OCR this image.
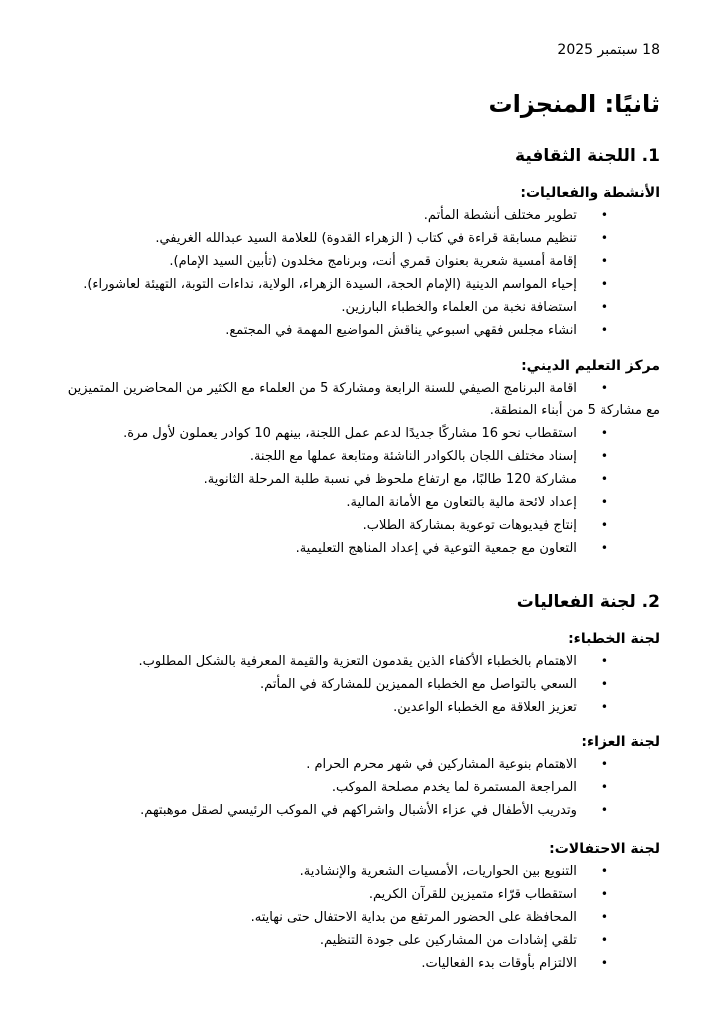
18 سبتمبر 2025
ثانيًا: المنجزات
1. اللجنة الثقافية
الأنشطة والفعاليات:
• تطوير مختلف أنشطة المأتم.
• تنظيم مسابقة قراءة في كتاب ( الزهراء القدوة) للعلامة السيد عبدالله الغريفي.
• إقامة أمسية شعرية بعنوان قمري أنت، وبرنامج مخلدون (تأبين السيد الإمام).
• إحياء المواسم الدينية (الإمام الحجة، السيدة الزهراء، الولاية، نداءات التوبة، التهيئة لعاشوراء).
• استضافة نخبة من العلماء والخطباء البارزين.
• انشاء مجلس فقهي اسبوعي يناقش المواضيع المهمة في المجتمع.
مركز التعليم الديني:
• اقامة البرنامج الصيفي للسنة الرابعة ومشاركة 5 من العلماء مع الكثير من المحاضرين المتميزين مع مشاركة 5 من أبناء المنطقة.
• استقطاب نحو 16 مشاركًا جديدًا لدعم عمل اللجنة، بينهم 10 كوادر يعملون لأول مرة.
• إسناد مختلف اللجان بالكوادر الناشئة ومتابعة عملها مع اللجنة.
• مشاركة 120 طالبًا، مع ارتفاع ملحوظ في نسبة طلبة المرحلة الثانوية.
• إعداد لائحة مالية بالتعاون مع الأمانة المالية.
• إنتاج فيديوهات توعوية بمشاركة الطلاب.
• التعاون مع جمعية التوعية في إعداد المناهج التعليمية.
2. لجنة الفعاليات
لجنة الخطباء:
• الاهتمام بالخطباء الأكفاء الذين يقدمون التعزية والقيمة المعرفية بالشكل المطلوب.
• السعي بالتواصل مع الخطباء المميزين للمشاركة في المأتم.
• تعزيز العلاقة مع الخطباء الواعدين.
لجنة العزاء:
• الاهتمام بنوعية المشاركين في شهر محرم الحرام .
• المراجعة المستمرة لما يخدم مصلحة الموكب.
• وتدريب الأطفال في عزاء الأشبال واشراكهم في الموكب الرئيسي لصقل موهبتهم.
لجنة الاحتفالات:
• التنويع بين الحواريات، الأمسيات الشعرية والإنشادية.
• استقطاب قرّاء متميزين للقرآن الكريم.
• المحافظة على الحضور المرتفع من بداية الاحتفال حتى نهايته.
• تلقي إشادات من المشاركين على جودة التنظيم.
• الالتزام بأوقات بدء الفعاليات.
